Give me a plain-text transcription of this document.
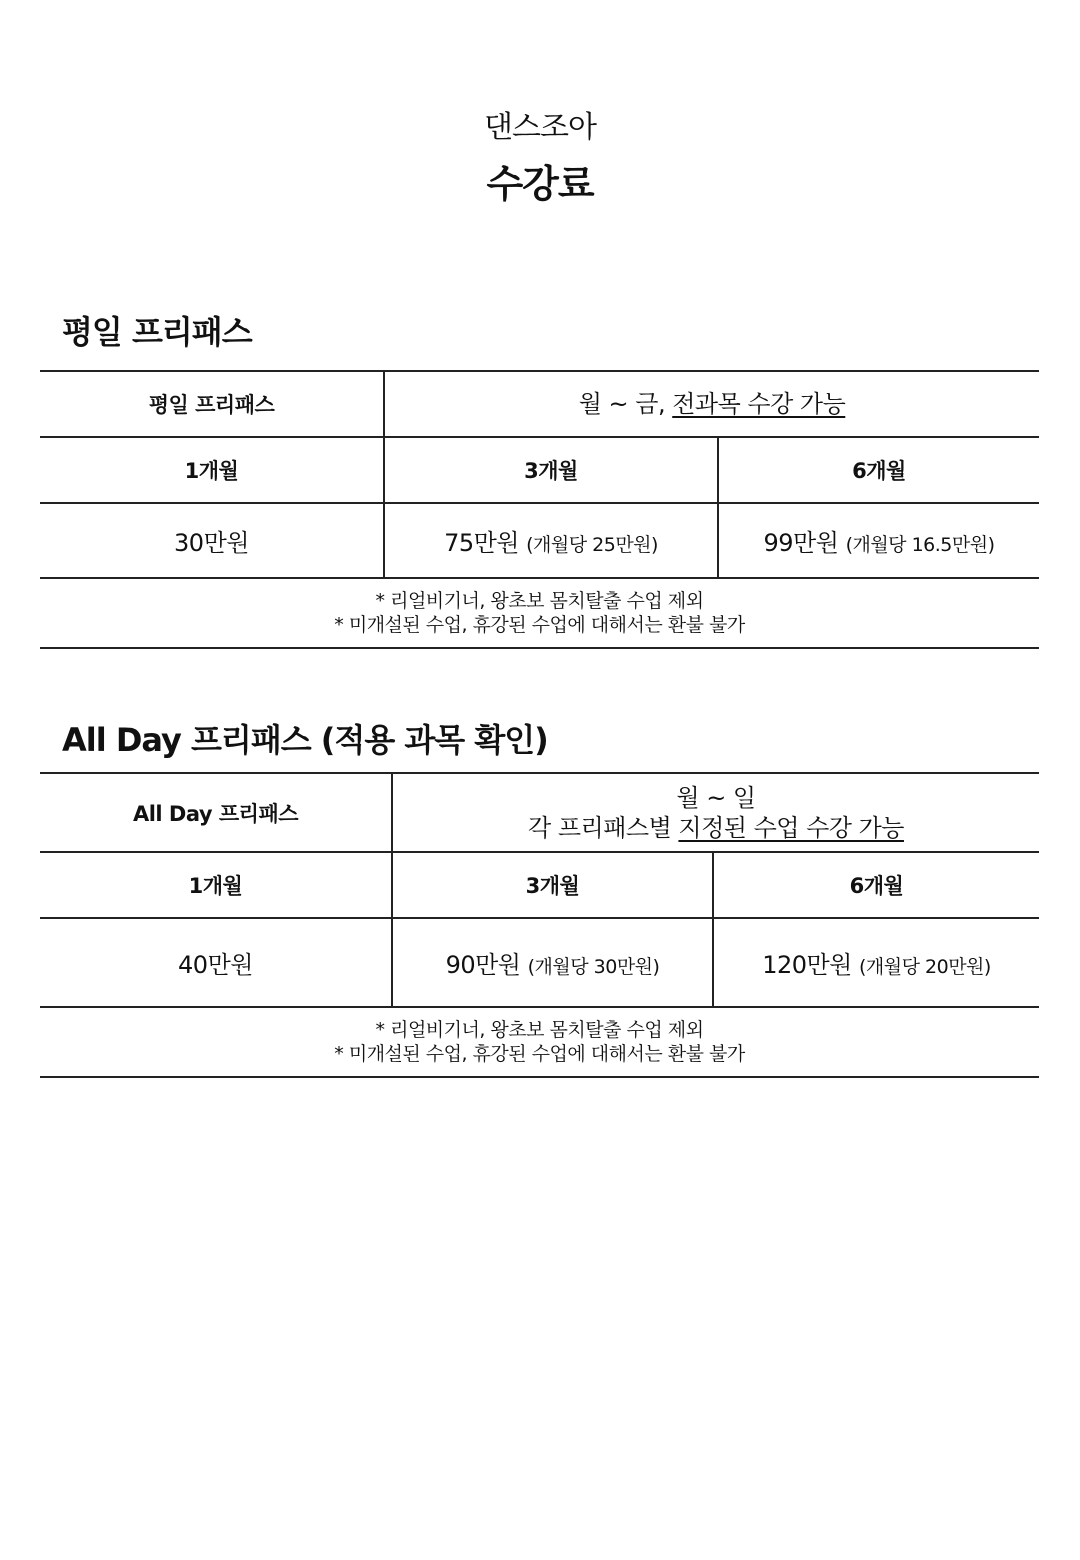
댄스조아
수강료
평일 프리패스
평일 프리패스	월 ~ 금, 전과목 수강 가능	
1개월	3개월	6개월
30만원	75만원 (개월당 25만원)	99만원 (개월당 16.5만원)

* 리얼비기너, 왕초보 몸치탈출 수업 제외
* 미개설된 수업, 휴강된 수업에 대해서는 환불 불가		
All Day 프리패스 (적용 과목 확인)
All Day 프리패스	월 ~ 일
각 프리패스별 지정된 수업 수강 가능	

1개월	3개월	6개월
40만원	90만원 (개월당 30만원)	120만원 (개월당 20만원)

* 리얼비기너, 왕초보 몸치탈출 수업 제외
* 미개설된 수업, 휴강된 수업에 대해서는 환불 불가		
